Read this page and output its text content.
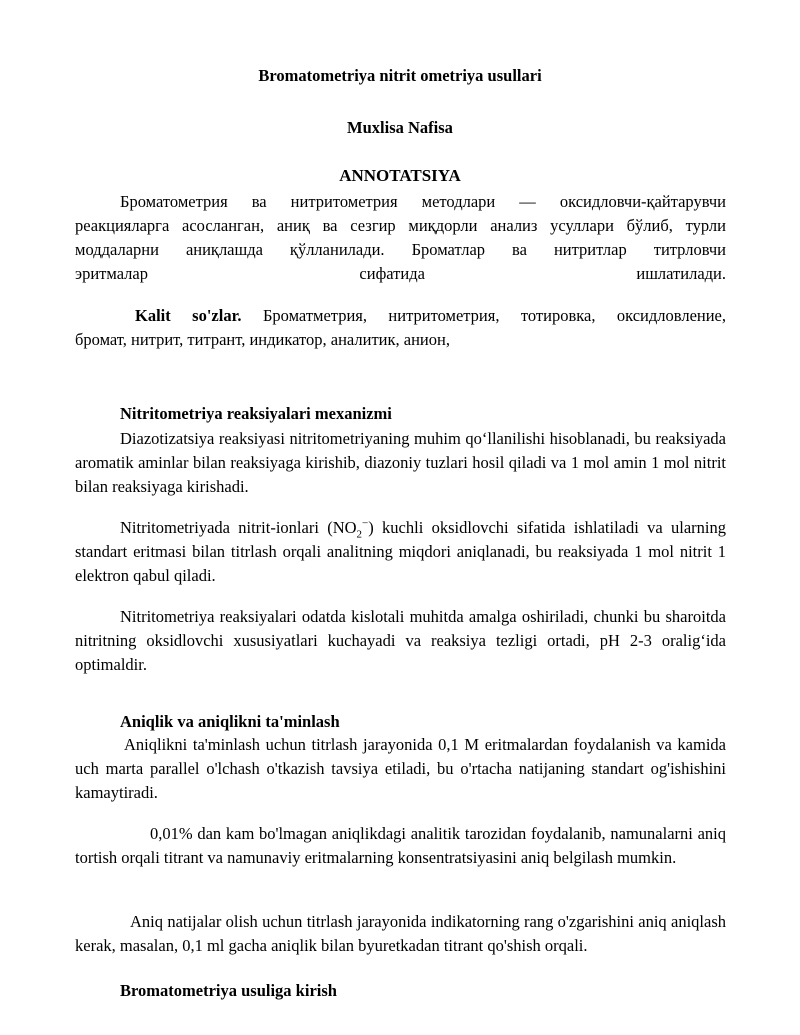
Bromatometriya nitrit ometriya usullari
Muxlisa Nafisa
ANNOTATSIYA
Броматометрия ва нитритометрия методлари — оксидловчи-қайтарувчи
реакцияларга асосланган, аниқ ва сезгир миқдорли анализ усуллари бўлиб, турли
моддаларни аниқлашда қўлланилади. Броматлар ва нитритлар титрловчи
эритмалар сифатида ишлатилади.
Kalit so'zlar. Броматметрия, нитритометрия, тотировка, оксидловление,
бромат, нитрит, титрант, индикатор, аналитик, анион,
Nitritometriya reaksiyalari mexanizmi
Diazotizatsiya reaksiyasi nitritometriyaning muhim qo‘llanilishi hisoblanadi, bu reaksiyada aromatik aminlar bilan reaksiyaga kirishib, diazoniy tuzlari hosil qiladi va 1 mol amin 1 mol nitrit bilan reaksiyaga kirishadi.
Nitritometriyada nitrit-ionlari $(NO_2^-)$ kuchli oksidlovchi sifatida ishlatiladi va ularning standart eritmasi bilan titrlash orqali analitning miqdori aniqlanadi, bu reaksiyada 1 mol nitrit 1 elektron qabul qiladi.
Nitritometriya reaksiyalari odatda kislotali muhitda amalga oshiriladi, chunki bu sharoitda nitritning oksidlovchi xususiyatlari kuchayadi va reaksiya tezligi ortadi, pH 2-3 oralig‘ida optimaldir.
Aniqlik va aniqlikni ta'minlash
Aniqlikni ta'minlash uchun titrlash jarayonida 0,1 M eritmalardan foydalanish va kamida uch marta parallel o'lchash o'tkazish tavsiya etiladi, bu o'rtacha natijaning standart og'ishishini kamaytiradi.
0,01% dan kam bo'lmagan aniqlikdagi analitik tarozidan foydalanib, namunalarni aniq tortish orqali titrant va namunaviy eritmalarning konsentratsiyasini aniq belgilash mumkin.
Aniq natijalar olish uchun titrlash jarayonida indikatorning rang o'zgarishini aniq aniqlash kerak, masalan, 0,1 ml gacha aniqlik bilan byuretkadan titrant qo'shish orqali.
Bromatometriya usuliga kirish
